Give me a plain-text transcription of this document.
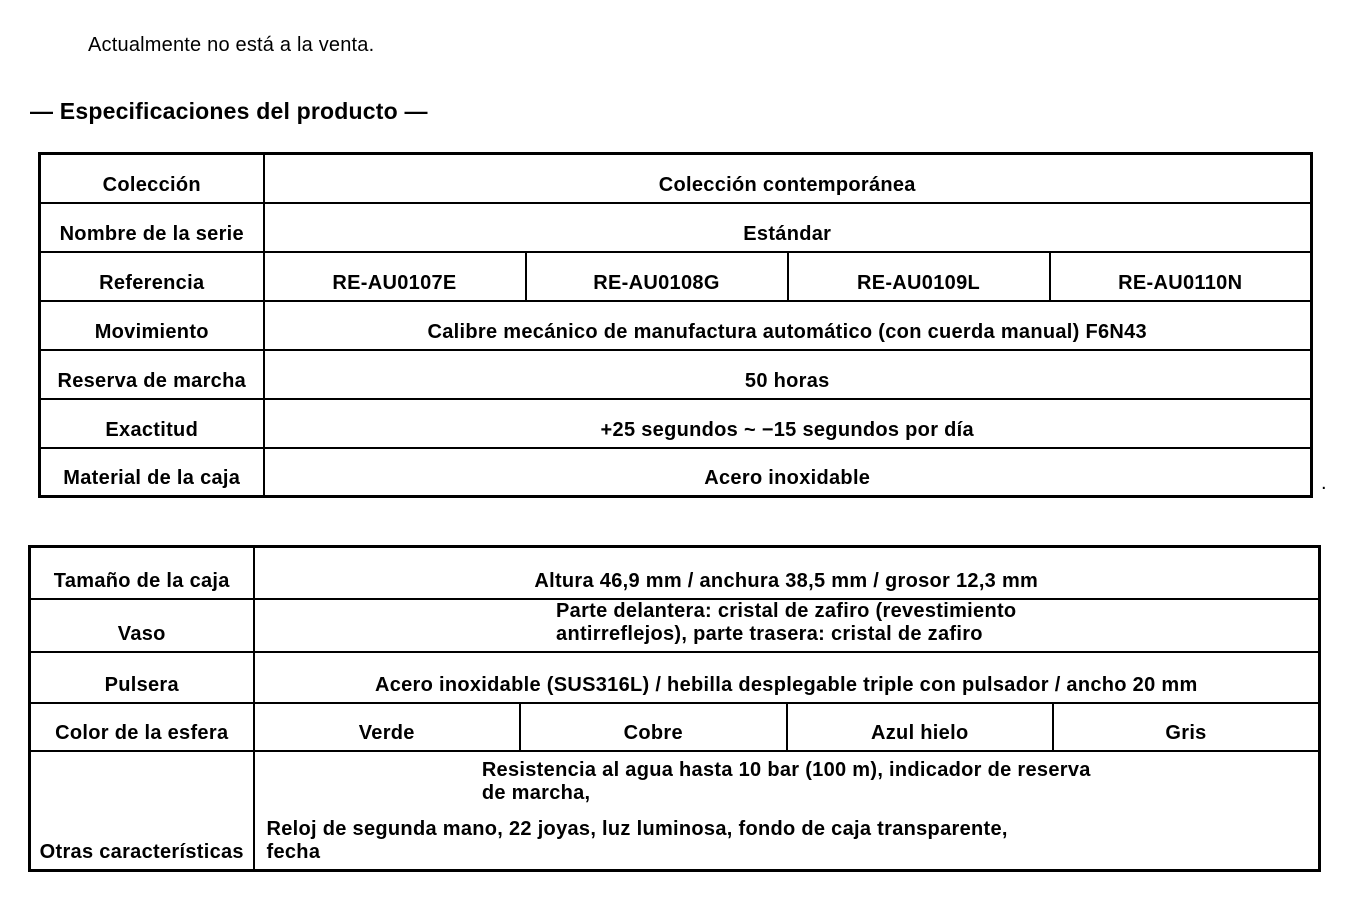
Actualmente no está a la venta.

— Especificaciones del producto —
Colección	Colección contemporánea			
Nombre de la serie	Estándar			
Referencia	RE-AU0107E	RE-AU0108G	RE-AU0109L	RE-AU0110N
Movimiento	Calibre mecánico de manufactura automático (con cuerda manual) F6N43			
Reserva de marcha	50 horas			
Exactitud	+25 segundos ~ −15 segundos por día			
Material de la caja	Acero inoxidable				.
Tamaño de la caja	Altura 46,9 mm / anchura 38,5 mm / grosor 12,3 mm			
Vaso	Parte delantera: cristal de zafiro (revestimiento
antirreflejos), parte trasera: cristal de zafiro			

Pulsera	Acero inoxidable (SUS316L) / hebilla desplegable triple con pulsador / ancho 20 mm			
Color de la esfera	Verde	Cobre	Azul hielo	Gris
Otras características	Resistencia al agua hasta 10 bar (100 m), indicador de reserva
de marcha,
Reloj de segunda mano, 22 joyas, luz luminosa, fondo de caja transparente,
fecha			
